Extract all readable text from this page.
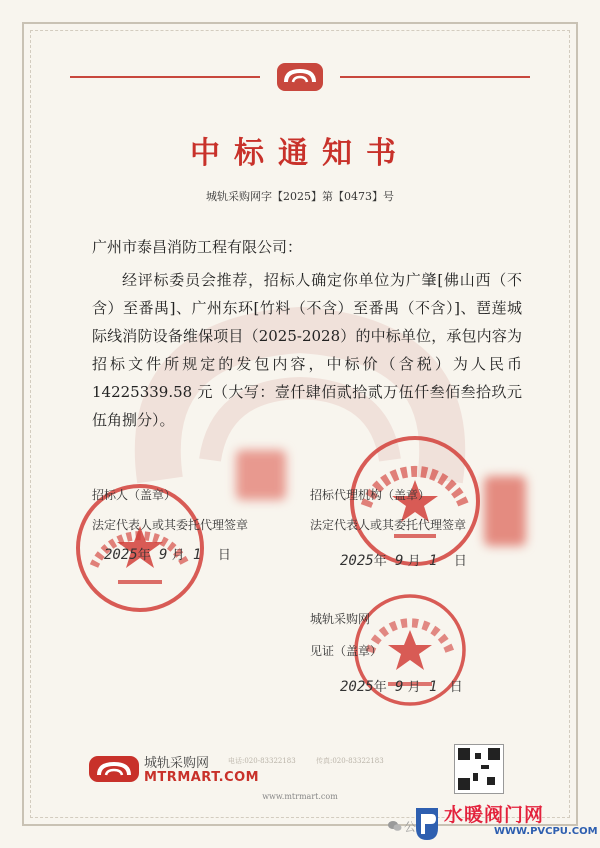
中标通知书
城轨采购网字【2025】第【0473】号
广州市泰昌消防工程有限公司：
经评标委员会推荐，招标人确定你单位为广肇[佛山西（不含）至番禺]、广州东环[竹料（不含）至番禺（不含）]、琶莲城际线消防设备维保项目（2025-2028）的中标单位，承包内容为招标文件所规定的发包内容，中标价（含税）为人民币 14225339.58 元（大写：壹仟肆佰贰拾贰万伍仟叁佰叁拾玖元伍角捌分）。
招标人（盖章）	招标代理机构（盖章）
法定代表人或其委托代理签章	法定代表人或其委托代理签章
2025年 9 月 1 日	2025年 9 月 1 日
城轨采购网
见证（盖章）
2025年 9 月 1 日
城轨采购网
MTRMART.COM
电话:020-83322183	传真:020-83322183
www.mtrmart.com
公
水暖阀门网
WWW.PVCPU.COM
